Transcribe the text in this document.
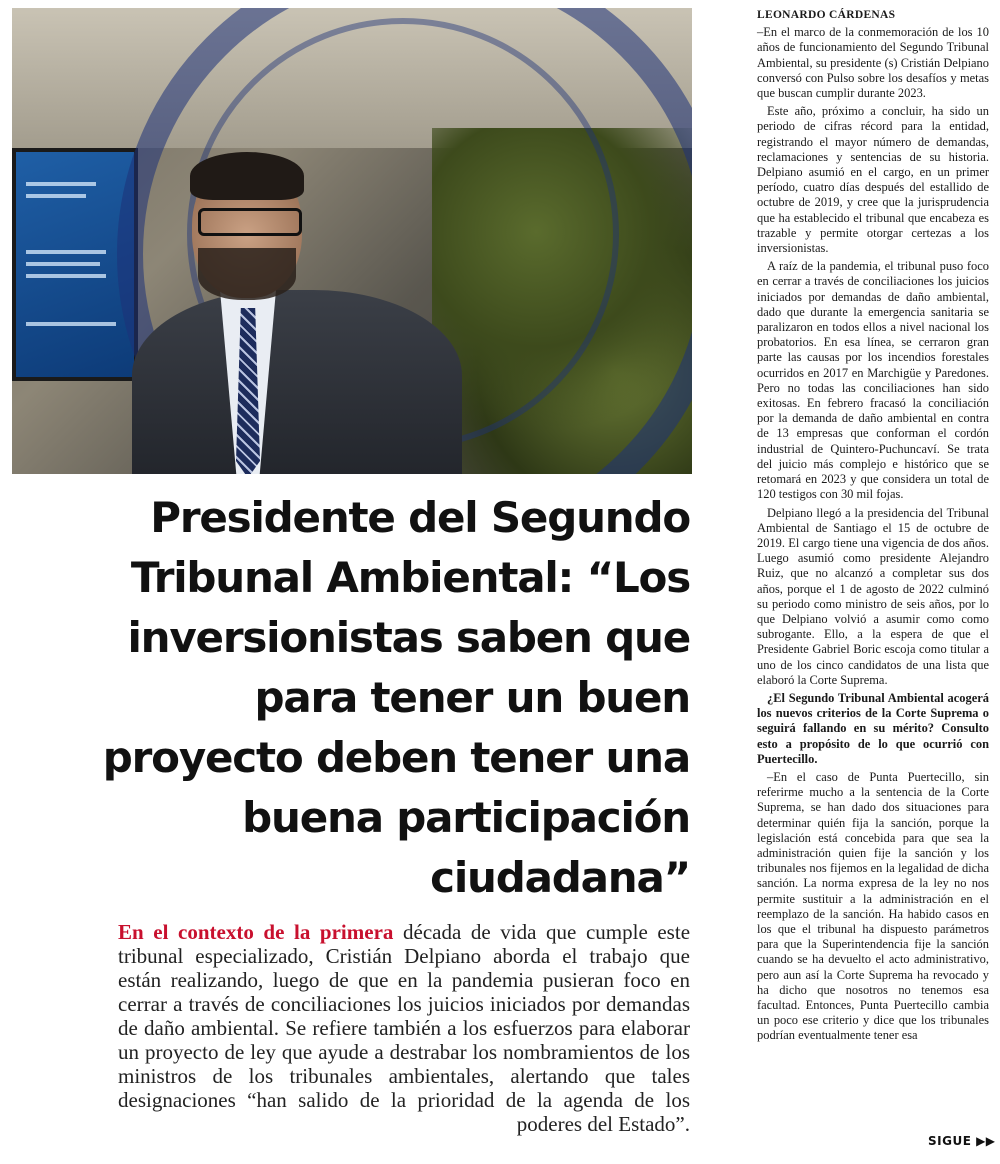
Presidente del Segundo Tribunal Ambiental: “Los inversionistas saben que para tener un buen proyecto deben tener una buena participación ciudadana”

En el contexto de la primera década de vida que cumple este tribunal especializado, Cristián Delpiano aborda el trabajo que están realizando, luego de que en la pandemia pusieran foco en cerrar a través de conciliaciones los juicios iniciados por demandas de daño ambiental. Se refiere también a los esfuerzos para elaborar un proyecto de ley que ayude a destrabar los nombramientos de los ministros de los tribunales ambientales, alertando que tales designaciones “han salido de la prioridad de la agenda de los poderes del Estado”.

LEONARDO CÁRDENAS

–En el marco de la conmemoración de los 10 años de funcionamiento del Segundo Tribunal Ambiental, su presidente (s) Cristián Delpiano conversó con Pulso sobre los desafíos y metas que buscan cumplir durante 2023.

Este año, próximo a concluir, ha sido un periodo de cifras récord para la entidad, registrando el mayor número de demandas, reclamaciones y sentencias de su historia. Delpiano asumió en el cargo, en un primer período, cuatro días después del estallido de octubre de 2019, y cree que la jurisprudencia que ha establecido el tribunal que encabeza es trazable y permite otorgar certezas a los inversionistas.

A raíz de la pandemia, el tribunal puso foco en cerrar a través de conciliaciones los juicios iniciados por demandas de daño ambiental, dado que durante la emergencia sanitaria se paralizaron en todos ellos a nivel nacional los probatorios. En esa línea, se cerraron gran parte las causas por los incendios forestales ocurridos en 2017 en Marchigüe y Paredones. Pero no todas las conciliaciones han sido exitosas. En febrero fracasó la conciliación por la demanda de daño ambiental en contra de 13 empresas que conforman el cordón industrial de Quintero-Puchuncaví. Se trata del juicio más complejo e histórico que se retomará en 2023 y que considera un total de 120 testigos con 30 mil fojas.

Delpiano llegó a la presidencia del Tribunal Ambiental de Santiago el 15 de octubre de 2019. El cargo tiene una vigencia de dos años. Luego asumió como presidente Alejandro Ruiz, que no alcanzó a completar sus dos años, porque el 1 de agosto de 2022 culminó su periodo como ministro de seis años, por lo que Delpiano volvió a asumir como como subrogante. Ello, a la espera de que el Presidente Gabriel Boric escoja como titular a uno de los cinco candidatos de una lista que elaboró la Corte Suprema.

¿El Segundo Tribunal Ambiental acogerá los nuevos criterios de la Corte Suprema o seguirá fallando en su mérito? Consulto esto a propósito de lo que ocurrió con Puertecillo.

–En el caso de Punta Puertecillo, sin referirme mucho a la sentencia de la Corte Suprema, se han dado dos situaciones para determinar quién fija la sanción, porque la legislación está concebida para que sea la administración quien fije la sanción y los tribunales nos fijemos en la legalidad de dicha sanción. La norma expresa de la ley no nos permite sustituir a la administración en el reemplazo de la sanción. Ha habido casos en los que el tribunal ha dispuesto parámetros para que la Superintendencia fije la sanción cuando se ha devuelto el acto administrativo, pero aun así la Corte Suprema ha revocado y ha dicho que nosotros no tenemos esa facultad. Entonces, Punta Puertecillo cambia un poco ese criterio y dice que los tribunales podrían eventualmente tener esa

SIGUE ▶▶
